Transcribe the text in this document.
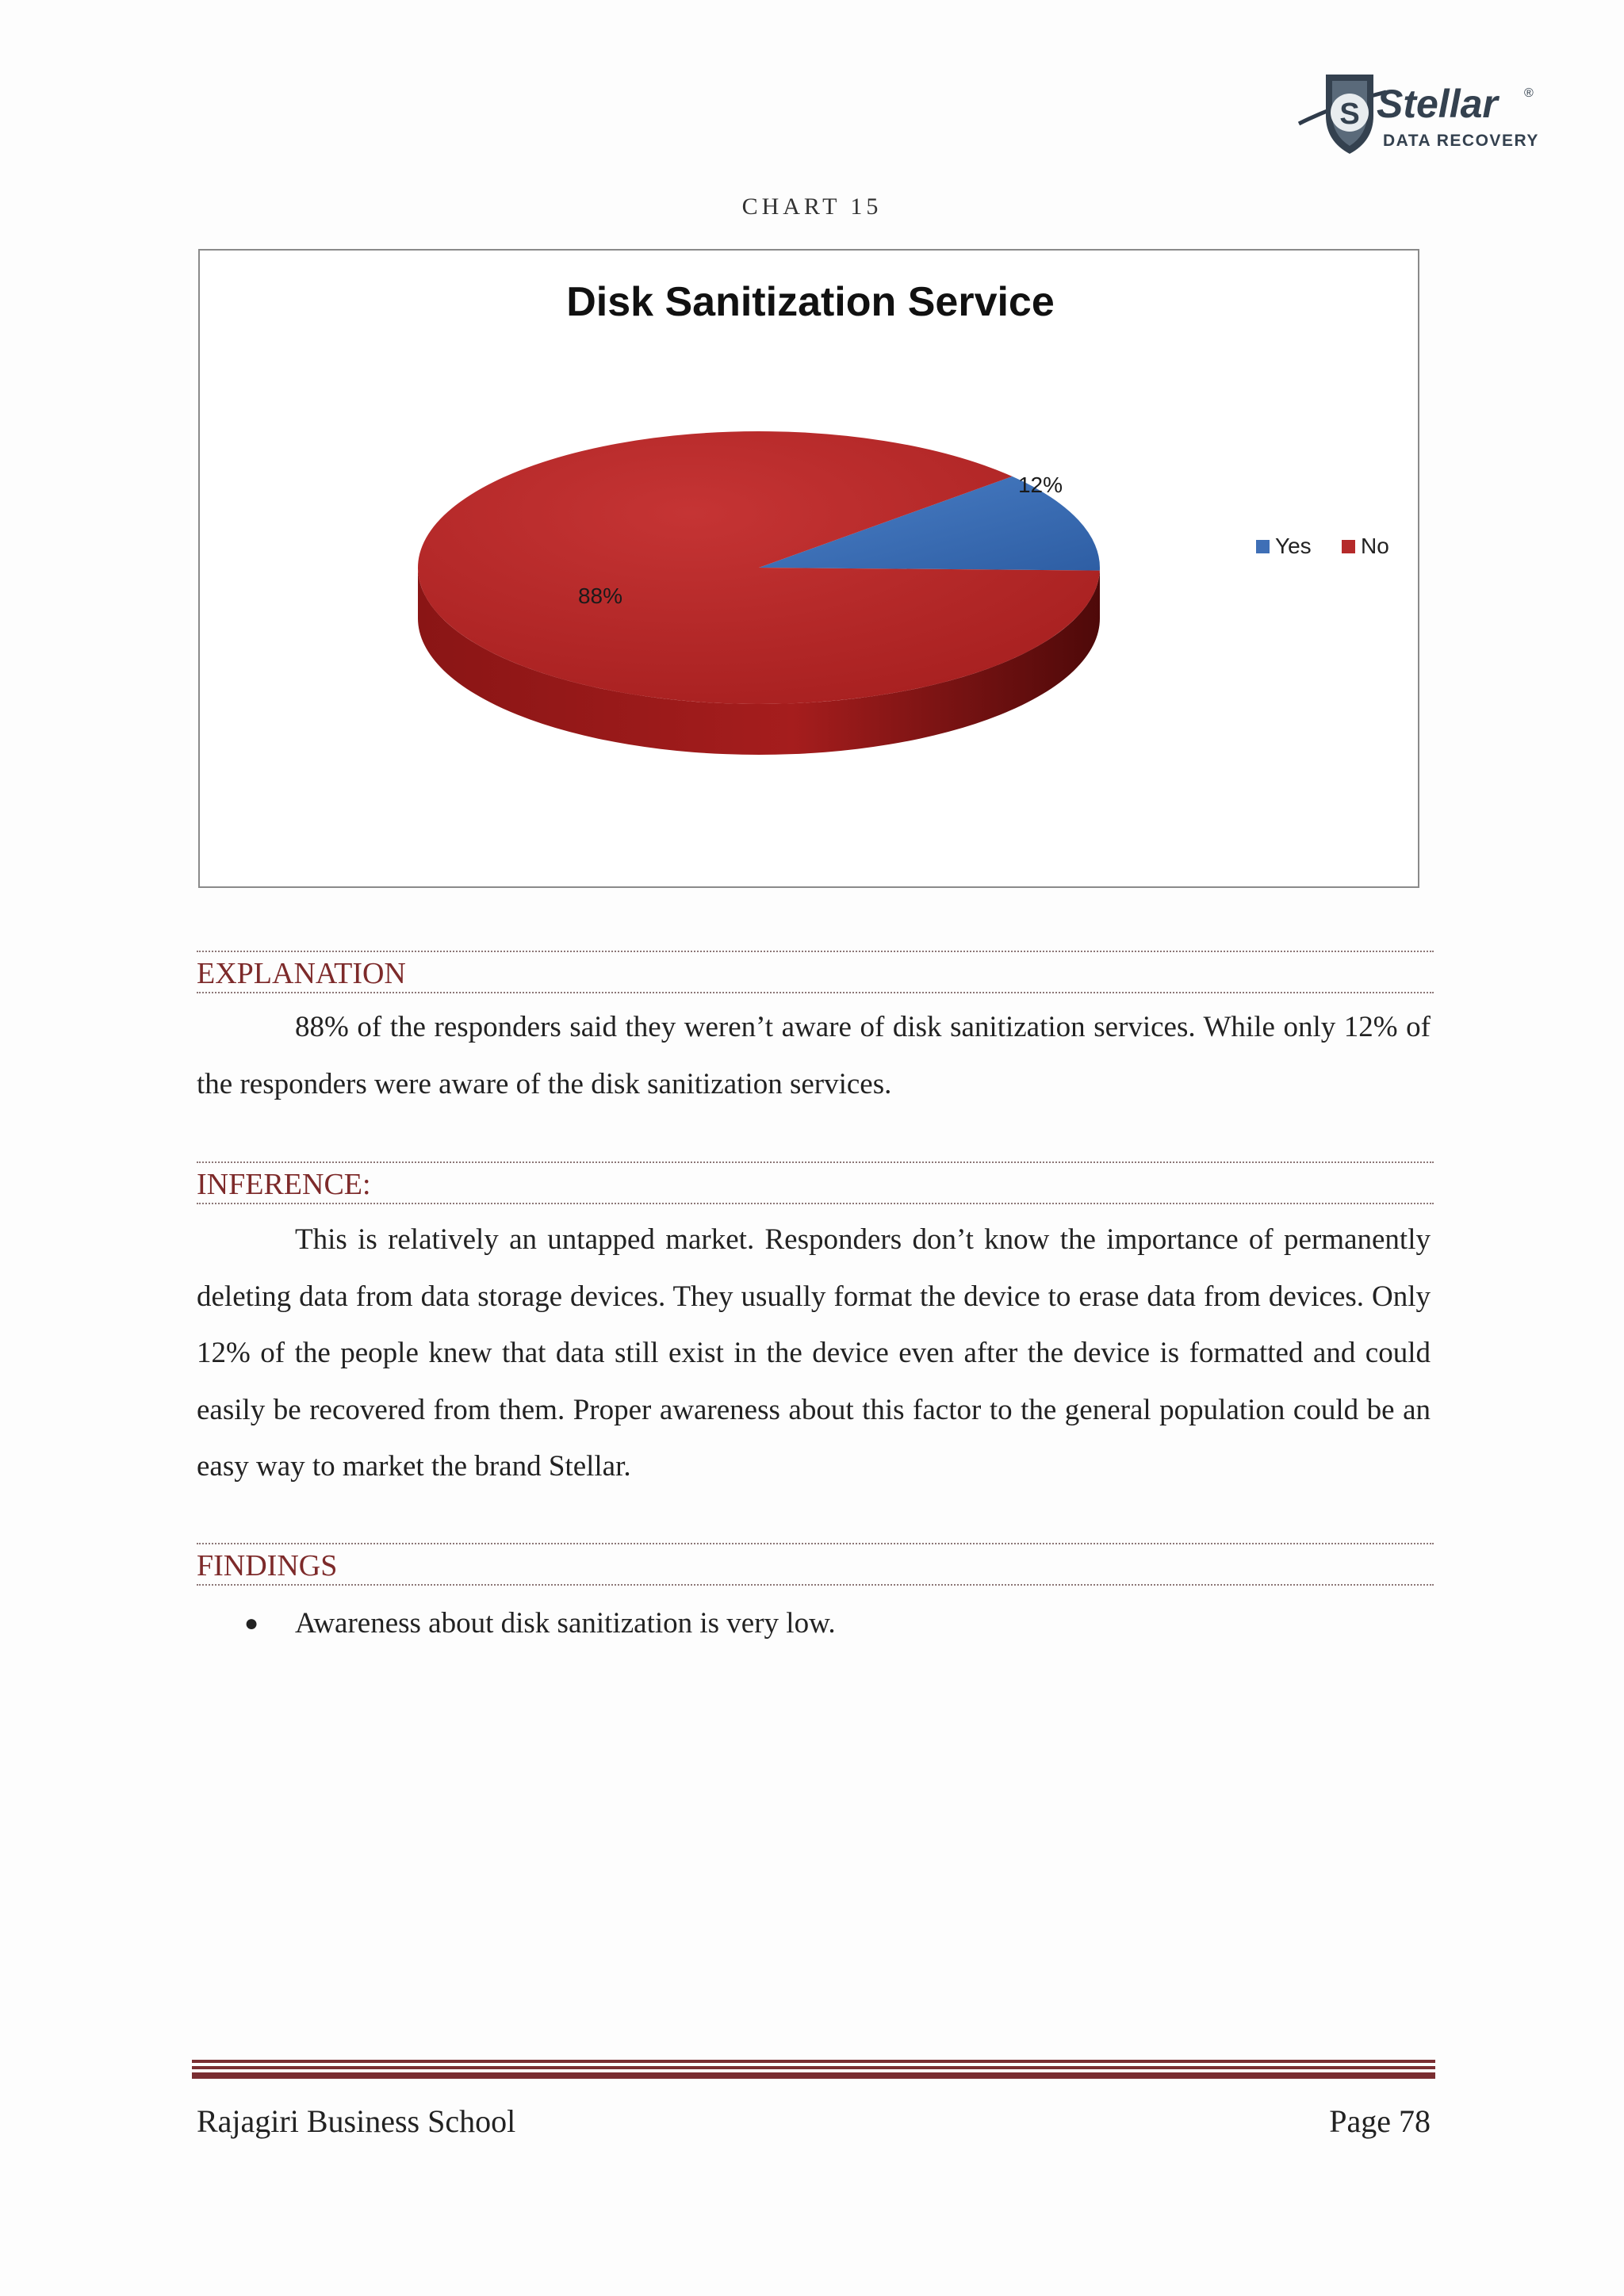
S Stellar ®
DATA RECOVERY
CHART 15
Disk Sanitization Service
12%
88%
Yes No
EXPLANATION
88% of the responders said they weren’t aware of disk sanitization services. While only 12% of the responders were aware of the disk sanitization services.
INFERENCE:
This is relatively an untapped market. Responders don’t know the importance of permanently deleting data from data storage devices. They usually format the device to erase data from devices. Only 12% of the people knew that data still exist in the device even after the device is formatted and could easily be recovered from them. Proper awareness about this factor to the general population could be an easy way to market the brand Stellar.
FINDINGS
● Awareness about disk sanitization is very low.
Rajagiri Business School	Page 78
